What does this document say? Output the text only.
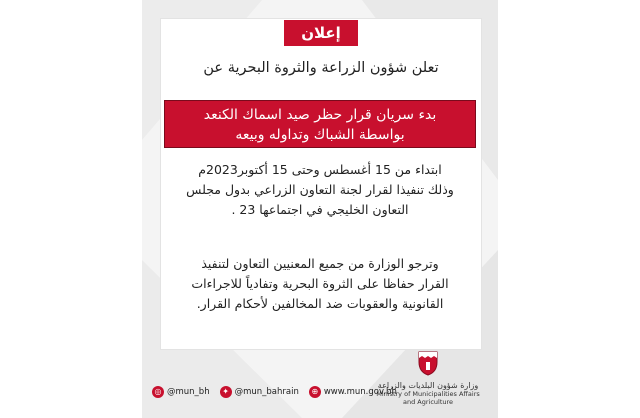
إعلان
تعلن شؤون الزراعة والثروة البحرية عن
بدء سريان قرار حظر صيد اسماك الكنعد
بواسطة الشباك وتداوله وبيعه
ابتداء من 15 أغسطس وحتى 15 أكتوبر2023م
وذلك تنفيذا لقرار لجنة التعاون الزراعي بدول مجلس
التعاون الخليجي في اجتماعها 23 .
وترجو الوزارة من جميع المعنيين التعاون لتنفيذ
القرار حفاظا على الثروة البحرية وتفادياً للاجراءات
القانونية والعقوبات ضد المخالفين لأحكام القرار.
وزارة شؤون البلديات والزراعة
Ministry of Municipalities Affairs
and Agriculture
◎ @mun_bh	✦ @mun_bahrain	⊕ www.mun.gov.bh
